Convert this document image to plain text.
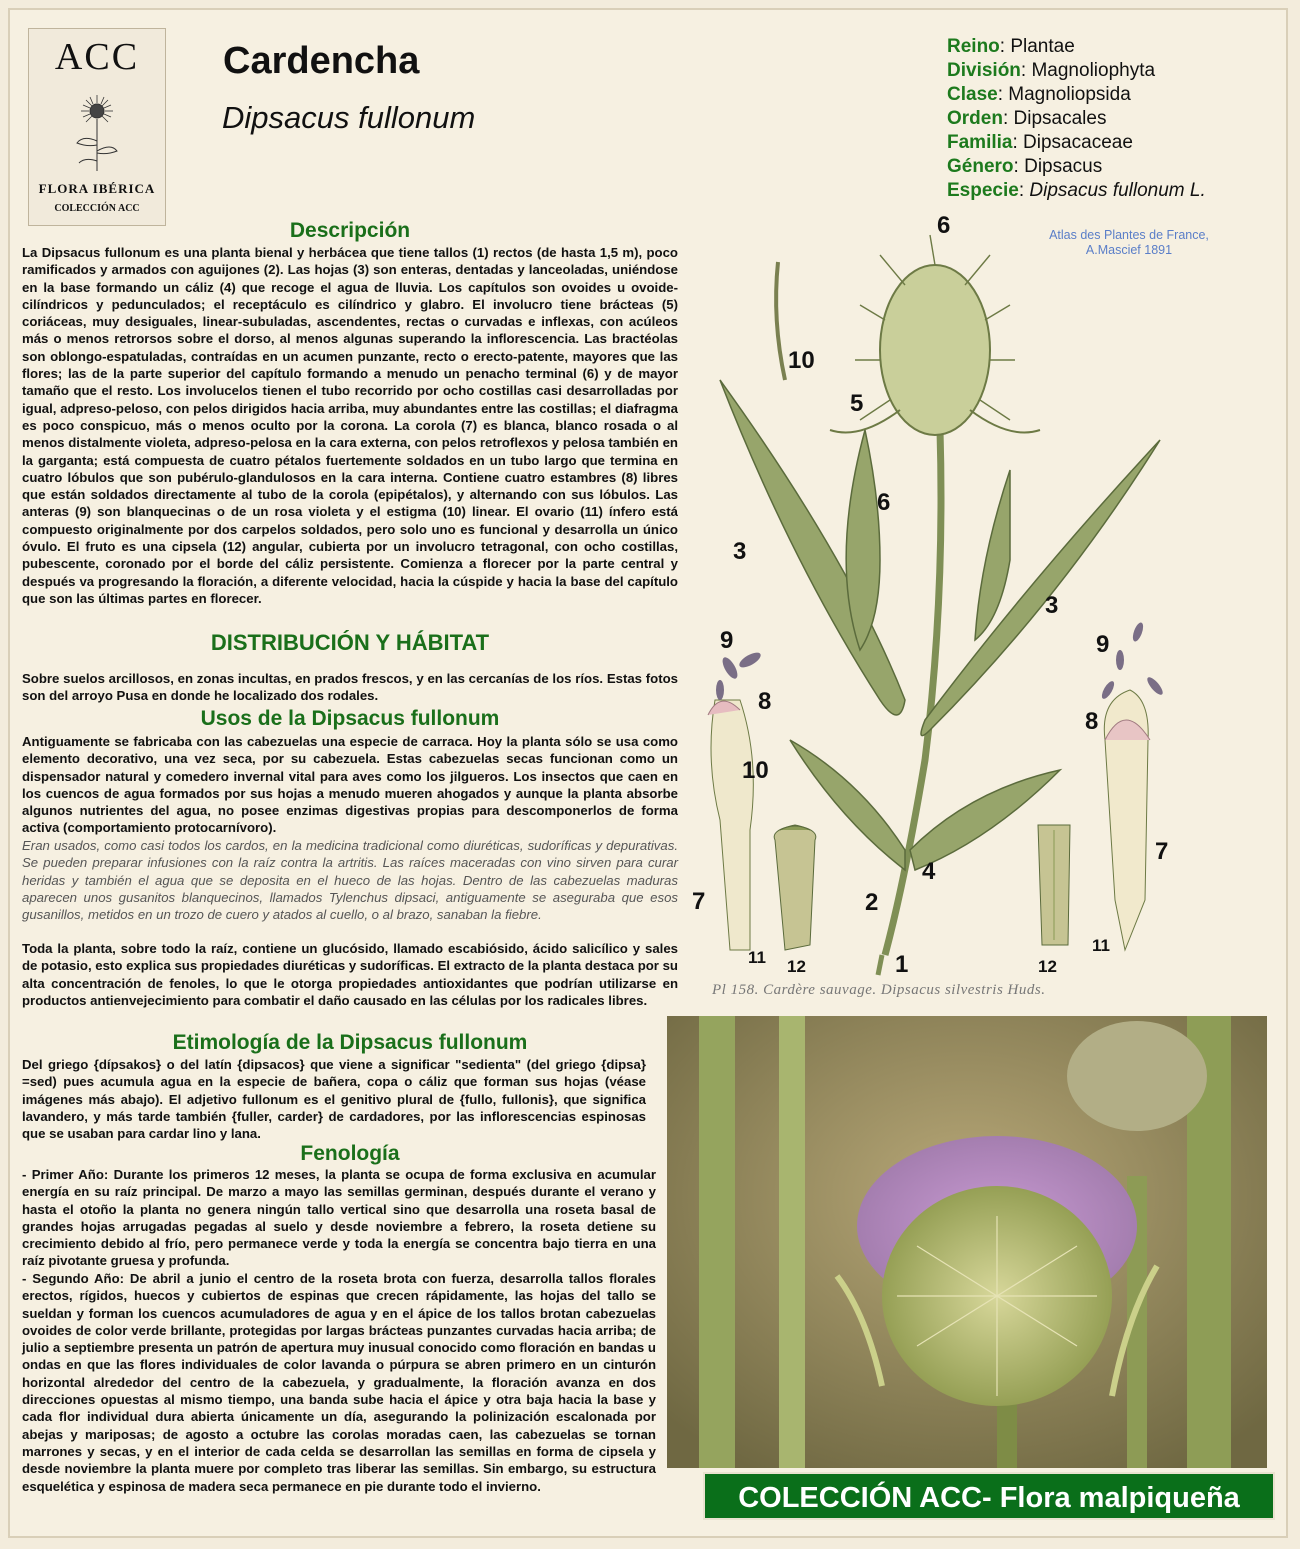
ACC
FLORA IBÉRICA
COLECCIÓN ACC
Cardencha
Dipsacus fullonum
Reino: Plantae
División: Magnoliophyta
Clase: Magnoliopsida
Orden: Dipsacales
Familia: Dipsacaceae
Género: Dipsacus
Especie: Dipsacus fullonum L.
Descripción
La Dipsacus fullonum es una planta bienal y herbácea que tiene tallos (1) rectos (de hasta 1,5 m), poco ramificados y armados con aguijones (2). Las hojas (3) son enteras, dentadas y lanceoladas, uniéndose en la base formando un cáliz (4) que recoge el agua de lluvia. Los capítulos son ovoides u ovoide-cilíndricos y pedunculados; el receptáculo es cilíndrico y glabro. El involucro tiene brácteas (5) coriáceas, muy desiguales, linear-subuladas, ascendentes, rectas o curvadas e inflexas, con acúleos más o menos retrorsos sobre el dorso, al menos algunas superando la inflorescencia. Las bractéolas son oblongo-espatuladas, contraídas en un acumen punzante, recto o erecto-patente, mayores que las flores; las de la parte superior del capítulo formando a menudo un penacho terminal (6) y de mayor tamaño que el resto. Los involucelos tienen el tubo recorrido por ocho costillas casi desarrolladas por igual, adpreso-peloso, con pelos dirigidos hacia arriba, muy abundantes entre las costillas; el diafragma es poco conspicuo, más o menos oculto por la corona. La corola (7) es blanca, blanco rosada o al menos distalmente violeta, adpreso-pelosa en la cara externa, con pelos retroflexos y pelosa también en la garganta; está compuesta de cuatro pétalos fuertemente soldados en un tubo largo que termina en cuatro lóbulos que son pubérulo-glandulosos en la cara interna. Contiene cuatro estambres (8) libres que están soldados directamente al tubo de la corola (epipétalos), y alternando con sus lóbulos. Las anteras (9) son blanquecinas o de un rosa violeta y el estigma (10) linear. El ovario (11) ínfero está compuesto originalmente por dos carpelos soldados, pero solo uno es funcional y desarrolla un único óvulo. El fruto es una cipsela (12) angular, cubierta por un involucro tetragonal, con ocho costillas, pubescente, coronado por el borde del cáliz persistente. Comienza a florecer por la parte central y después va progresando la floración, a diferente velocidad, hacia la cúspide y hacia la base del capítulo que son las últimas partes en florecer.
DISTRIBUCIÓN Y HÁBITAT
Sobre suelos arcillosos, en zonas incultas, en prados frescos, y en las cercanías de los ríos. Estas fotos son del arroyo Pusa en donde he localizado dos rodales.
Usos de la Dipsacus fullonum
Antiguamente se fabricaba con las cabezuelas una especie de carraca. Hoy la planta sólo se usa como elemento decorativo, una vez seca, por su cabezuela. Estas cabezuelas secas funcionan como un dispensador natural y comedero invernal vital para aves como los jilgueros. Los insectos que caen en los cuencos de agua formados por sus hojas a menudo mueren ahogados y aunque la planta absorbe algunos nutrientes del agua, no posee enzimas digestivas propias para descomponerlos de forma activa (comportamiento protocarnívoro).
Eran usados, como casi todos los cardos, en la medicina tradicional como diuréticas, sudoríficas y depurativas. Se pueden preparar infusiones con la raíz contra la artritis. Las raíces maceradas con vino sirven para curar heridas y también el agua que se deposita en el hueco de las hojas. Dentro de las cabezuelas maduras aparecen unos gusanitos blanquecinos, llamados Tylenchus dipsaci, antiguamente se aseguraba que esos gusanillos, metidos en un trozo de cuero y atados al cuello, o al brazo, sanaban la fiebre.
Toda la planta, sobre todo la raíz, contiene un glucósido, llamado escabiósido, ácido salicílico y sales de potasio, esto explica sus propiedades diuréticas y sudoríficas. El extracto de la planta destaca por su alta concentración de fenoles, lo que le otorga propiedades antioxidantes que podrían utilizarse en productos antienvejecimiento para combatir el daño causado en las células por los radicales libres.
Etimología de la Dipsacus fullonum
Del griego {dípsakos} o del latín {dipsacos} que viene a significar "sedienta" (del griego {dipsa} =sed) pues acumula agua en la especie de bañera, copa o cáliz que forman sus hojas (véase imágenes más abajo). El adjetivo fullonum es el genitivo plural de {fullo, fullonis}, que significa lavandero, y más tarde también {fuller, carder} de cardadores, por las inflorescencias espinosas que se usaban para cardar lino y lana.
Fenología
- Primer Año: Durante los primeros 12 meses, la planta se ocupa de forma exclusiva en acumular energía en su raíz principal. De marzo a mayo las semillas germinan, después durante el verano y hasta el otoño la planta no genera ningún tallo vertical sino que desarrolla una roseta basal de grandes hojas arrugadas pegadas al suelo y desde noviembre a febrero, la roseta detiene su crecimiento debido al frío, pero permanece verde y toda la energía se concentra bajo tierra en una raíz pivotante gruesa y profunda.
- Segundo Año: De abril a junio el centro de la roseta brota con fuerza, desarrolla tallos florales erectos, rígidos, huecos y cubiertos de espinas que crecen rápidamente, las hojas del tallo se sueldan y forman los cuencos acumuladores de agua y en el ápice de los tallos brotan cabezuelas ovoides de color verde brillante, protegidas por largas brácteas punzantes curvadas hacia arriba; de julio a septiembre presenta un patrón de apertura muy inusual conocido como floración en bandas u ondas en que las flores individuales de color lavanda o púrpura se abren primero en un cinturón horizontal alrededor del centro de la cabezuela, y gradualmente, la floración avanza en dos direcciones opuestas al mismo tiempo, una banda sube hacia el ápice y otra baja hacia la base y cada flor individual dura abierta únicamente un día, asegurando la polinización escalonada por abejas y mariposas; de agosto a octubre las corolas moradas caen, las cabezuelas se tornan marrones y secas, y en el interior de cada celda se desarrollan las semillas en forma de cipsela y desde noviembre la planta muere por completo tras liberar las semillas. Sin embargo, su estructura esquelética y espinosa de madera seca permanece en pie durante todo el invierno.
Atlas des Plantes de France,
A.Mascief 1891
6
10
5
6
3
3
9
8
10
9
8
7
4
2
7
1
11 12	12
11
Pl 158. Cardère sauvage. Dipsacus silvestris Huds.
COLECCIÓN ACC- Flora malpiqueña
